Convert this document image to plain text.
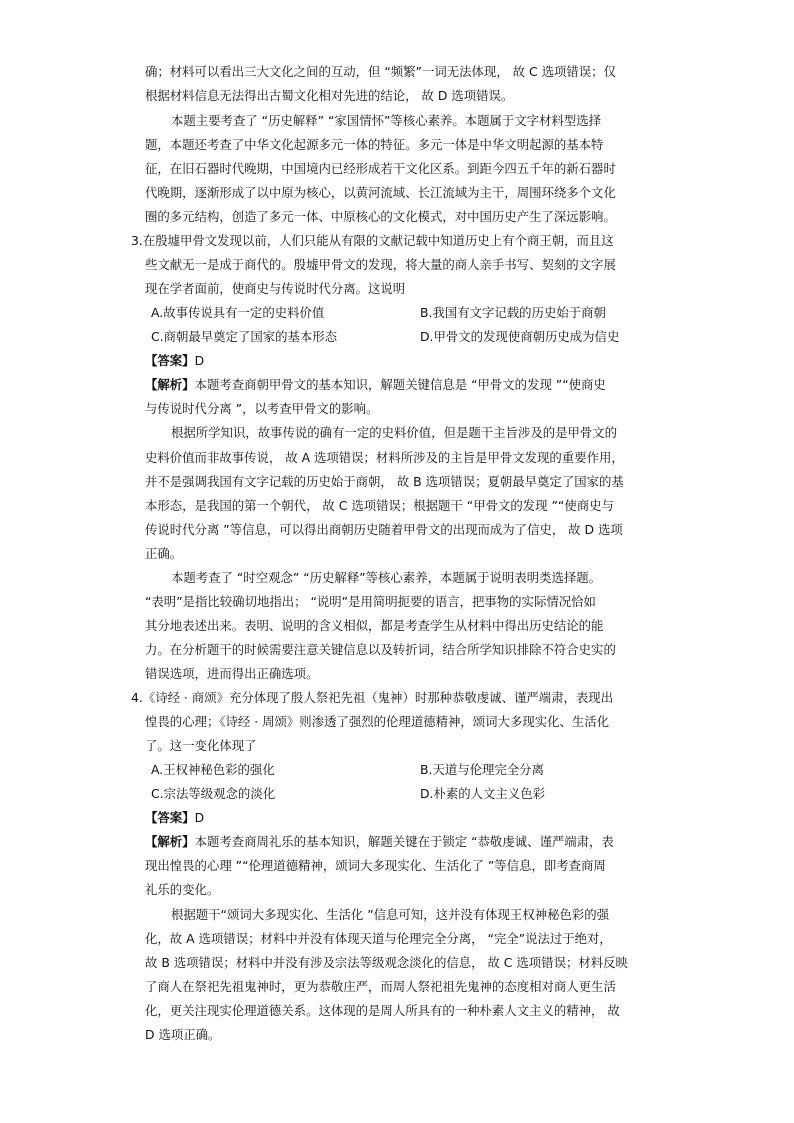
确；材料可以看出三大文化之间的互动，但 “频繁”一词无法体现， 故 C 选项错误；仅

根据材料信息无法得出古蜀文化相对先进的结论， 故 D 选项错误。

本题主要考查了 “历史解释” “家国情怀”等核心素养。本题属于文字材料型选择

题，本题还考查了中华文化起源多元一体的特征。多元一体是中华文明起源的基本特

征，在旧石器时代晚期，中国境内已经形成若干文化区系。到距今四五千年的新石器时

代晚期，逐渐形成了以中原为核心，以黄河流域、长江流域为主干，周围环绕多个文化

圈的多元结构，创造了多元一体、中原核心的文化模式，对中国历史产生了深远影响。

3.在殷墟甲骨文发现以前，人们只能从有限的文献记载中知道历史上有个商王朝，而且这

些文献无一是成于商代的。殷墟甲骨文的发现，将大量的商人亲手书写、契刻的文字展

现在学者面前，使商史与传说时代分离。这说明

A.故事传说具有一定的史料价值	B.我国有文字记载的历史始于商朝

C.商朝最早奠定了国家的基本形态	D.甲骨文的发现使商朝历史成为信史

【答案】D

【解析】本题考查商朝甲骨文的基本知识，解题关键信息是 “甲骨文的发现 ”“使商史

与传说时代分离 ”，以考查甲骨文的影响。

根据所学知识，故事传说的确有一定的史料价值，但是题干主旨涉及的是甲骨文的

史料价值而非故事传说， 故 A 选项错误；材料所涉及的主旨是甲骨文发现的重要作用，

并不是强调我国有文字记载的历史始于商朝， 故 B 选项错误；夏朝最早奠定了国家的基

本形态，是我国的第一个朝代， 故 C 选项错误；根据题干 “甲骨文的发现 ”“使商史与

传说时代分离 ”等信息，可以得出商朝历史随着甲骨文的出现而成为了信史， 故 D 选项

正确。

本题考查了 “时空观念” “历史解释”等核心素养，本题属于说明表明类选择题。

“表明”是指比较确切地指出； “说明”是用简明扼要的语言，把事物的实际情况恰如

其分地表述出来。表明、说明的含义相似，都是考查学生从材料中得出历史结论的能

力。在分析题干的时候需要注意关键信息以及转折词，结合所学知识排除不符合史实的

错误选项，进而得出正确选项。

4.《诗经 · 商颂》充分体现了殷人祭祀先祖（鬼神）时那种恭敬虔诚、谨严端肃，表现出

惶畏的心理；《诗经 · 周颂》则渗透了强烈的伦理道德精神，颂词大多现实化、生活化

了。这一变化体现了

A.王权神秘色彩的强化	B.天道与伦理完全分离

C.宗法等级观念的淡化	D.朴素的人文主义色彩

【答案】D

【解析】本题考查商周礼乐的基本知识，解题关键在于锁定 “恭敬虔诚、谨严端肃，表

现出惶畏的心理 ”“伦理道德精神，颂词大多现实化、生活化了 ”等信息，即考查商周

礼乐的变化。

根据题干“颂词大多现实化、生活化 ”信息可知，这并没有体现王权神秘色彩的强

化，故 A 选项错误；材料中并没有体现天道与伦理完全分离， “完全”说法过于绝对，

故 B 选项错误；材料中并没有涉及宗法等级观念淡化的信息， 故 C 选项错误；材料反映

了商人在祭祀先祖鬼神时，更为恭敬庄严，而周人祭祀祖先鬼神的态度相对商人更生活

化，更关注现实伦理道德关系。这体现的是周人所具有的一种朴素人文主义的精神， 故

D 选项正确。
